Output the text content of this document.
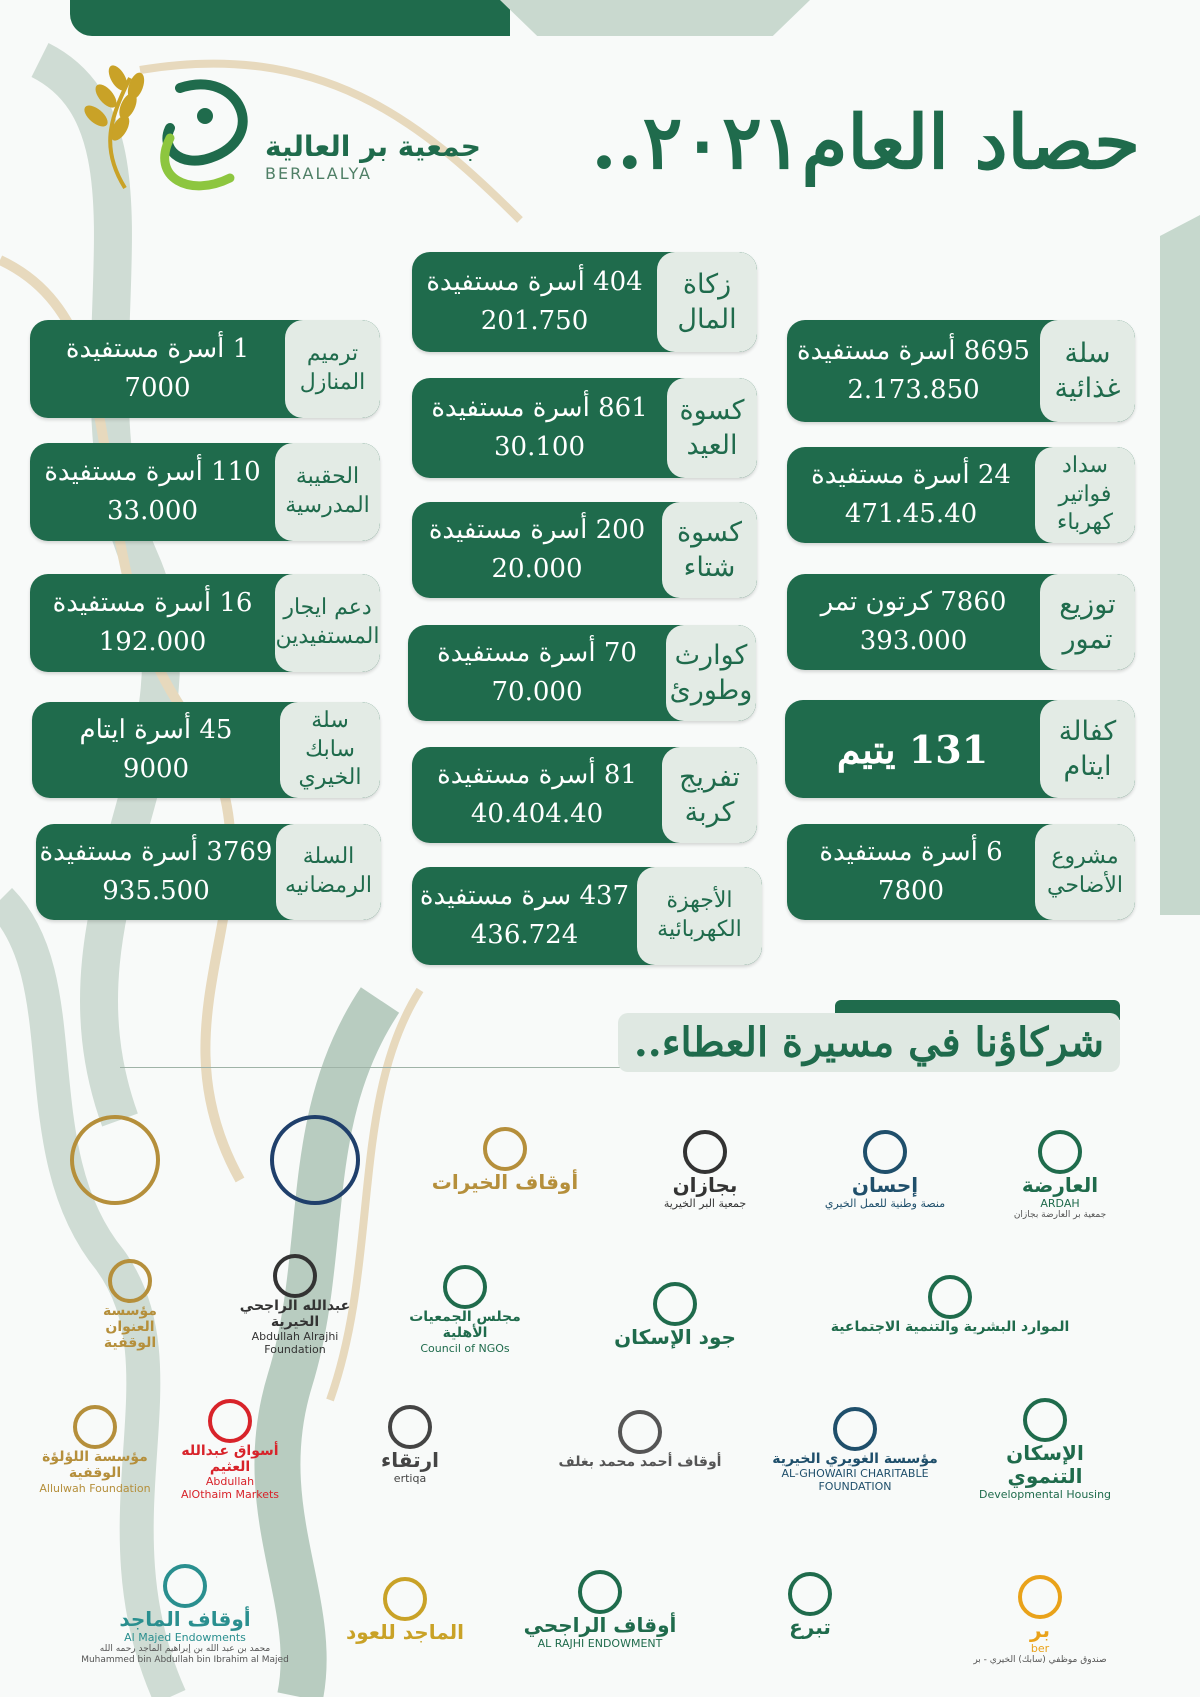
جمعية بر العالية
BERALALYA	حصاد العام٢٠٢١..
زكاة المال
404 أسرة مستفيدة
201.750
ترميم المنازل
1 أسرة مستفيدة
7000
سلة غذائية
8695 أسرة مستفيدة
2.173.850
كسوة العيد
861 أسرة مستفيدة
30.100
الحقيبة المدرسية
110 أسرة مستفيدة
33.000
سداد فواتير كهرباء
24 أسرة مستفيدة
471.45.40
كسوة شتاء
200 أسرة مستفيدة
20.000
دعم ايجار المستفيدين
16 أسرة مستفيدة
192.000
توزيع تمور
7860 كرتون تمر
393.000
كوارث وطورئ
70 أسرة مستفيدة
70.000
سلة سابك الخيري
45 أسرة ايتام
9000
كفالة ايتام
131 يتيم
تفريج كربة
81 أسرة مستفيدة
40.404.40
السلة الرمضانيه
3769 أسرة مستفيدة
935.500
مشروع الأضاحي
6 أسرة مستفيدة
7800
الأجهزة الكهربائية
437 سرة مستفيدة
436.724
شركاؤنا في مسيرة العطاء..
العارضة
ARDAH
جمعية بر العارضة بجازان
إحسان
منصة وطنية للعمل الخيري
بجازان
جمعية البر الخيرية
أوقاف الخيرات
الموارد البشرية والتنمية الاجتماعية
جود الإسكان
مجلس الجمعيات الأهلية
Council of NGOs
عبدالله الراجحي الخيرية
Abdullah Alrajhi Foundation
مؤسسة العنوان الوقفية
الإسكان التنموي
Developmental Housing
مؤسسة الغويري الخيرية
AL-GHOWAIRI CHARITABLE FOUNDATION
أوقاف أحمد محمد بغلف
ارتقاء
ertiqa
أسواق عبدالله العثيم
Abdullah AlOthaim Markets
مؤسسة اللؤلؤة الوقفية
Allulwah Foundation
بر
ber
صندوق موظفي (سابك) الخيري - بر
تبرع
أوقاف الراجحي
AL RAJHI ENDOWMENT
الماجد للعود
أوقاف الماجد
Al Majed Endowments
محمد بن عبد الله بن إبراهيم الماجد رحمه الله Muhammed bin Abdullah bin Ibrahim al Majed
